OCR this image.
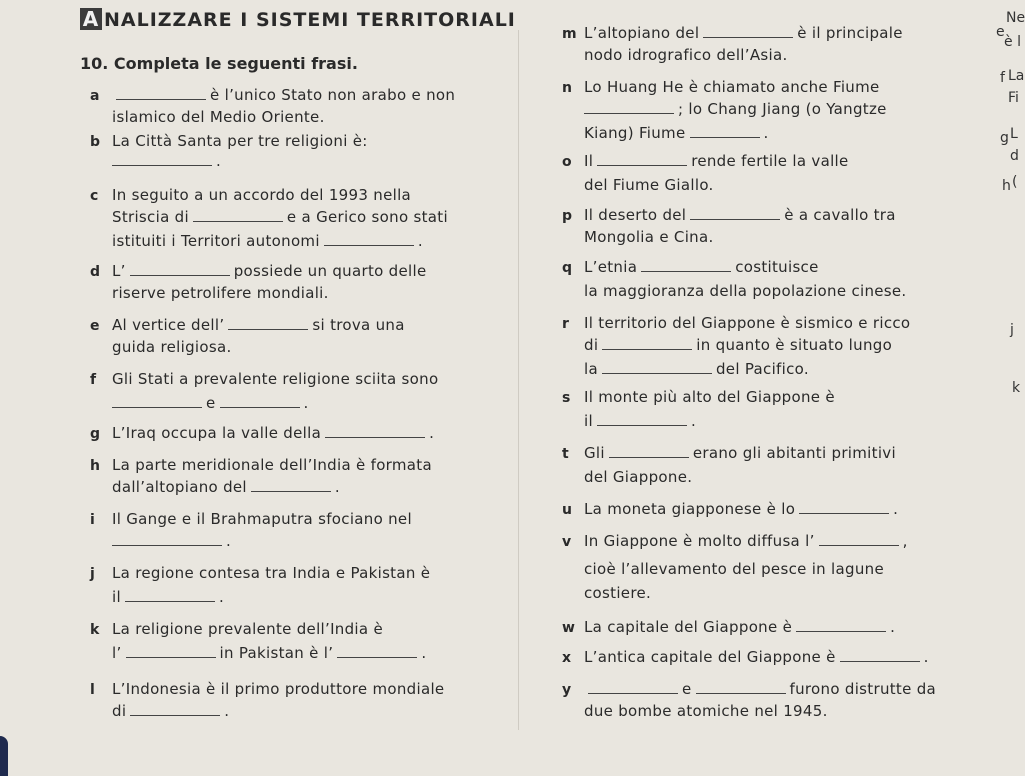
A NALIZZARE I SISTEMI TERRITORIALI
10. Completa le seguenti frasi.
a	è l’unico Stato non arabo e non
islamico del Medio Oriente.
b La Città Santa per tre religioni è:
.
c In seguito a un accordo del 1993 nella
Striscia di	e a Gerico sono stati
istituiti i Territori autonomi	.
d L’	possiede un quarto delle
riserve petrolifere mondiali.
e Al vertice dell’	si trova una
guida religiosa.
f Gli Stati a prevalente religione sciita sono
e	.
g L’Iraq occupa la valle della	.
h La parte meridionale dell’India è formata
dall’altopiano del	.
i Il Gange e il Brahmaputra sfociano nel
.
j La regione contesa tra India e Pakistan è
il	.
k La religione prevalente dell’India è
l’	in Pakistan è l’	.
l L’Indonesia è il primo produttore mondiale
di	.
m L’altopiano del	è il principale
nodo idrografico dell’Asia.
n Lo Huang He è chiamato anche Fiume
; lo Chang Jiang (o Yangtze
Kiang) Fiume	.
o Il	rende fertile la valle
del Fiume Giallo.
p Il deserto del	è a cavallo tra
Mongolia e Cina.
q L’etnia	costituisce
la maggioranza della popolazione cinese.
r Il territorio del Giappone è sismico e ricco
di	in quanto è situato lungo
la	del Pacifico.
s Il monte più alto del Giappone è
il	.
t Gli	erano gli abitanti primitivi
del Giappone.
u La moneta giapponese è lo	.
v In Giappone è molto diffusa l’	,
cioè l’allevamento del pesce in lagune
costiere.
w La capitale del Giappone è	.
x L’antica capitale del Giappone è	.
y	e	furono distrutte da
due bombe atomiche nel 1945.
e
Ne
è l
f La
Fi
g L
d
h (
j
k
